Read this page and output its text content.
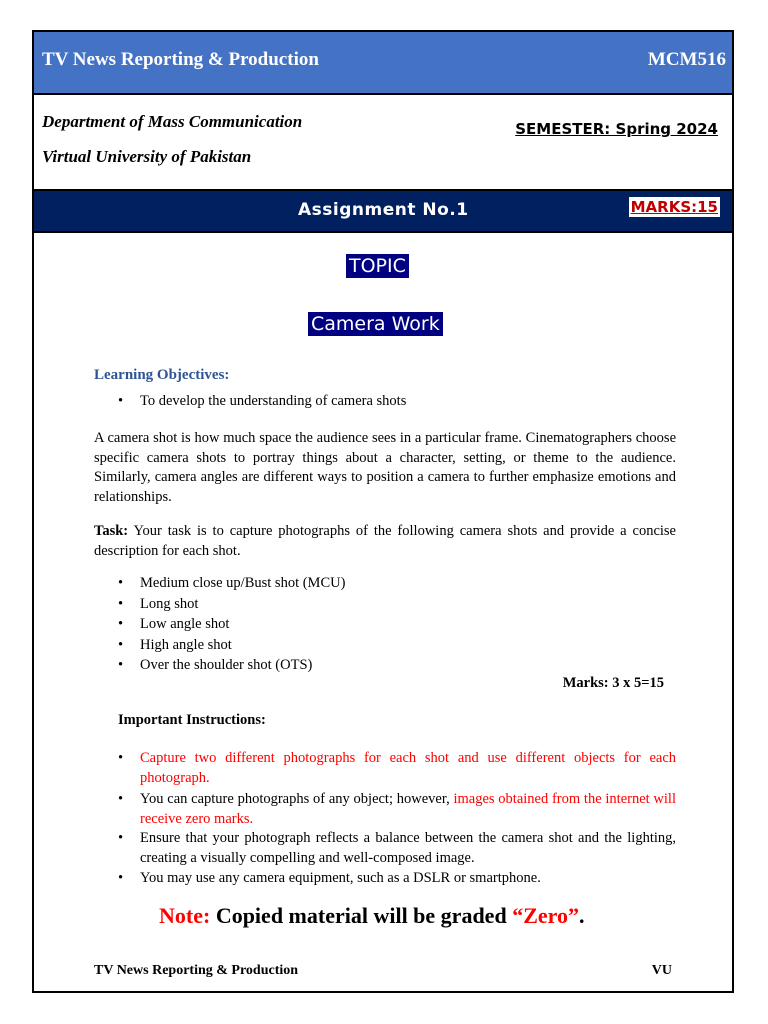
TV News Reporting & Production	MCM516
Department of Mass Communication
Virtual University of Pakistan
SEMESTER: Spring 2024
Assignment No.1	MARKS:15
TOPIC
Camera Work
Learning Objectives:
• To develop the understanding of camera shots
A camera shot is how much space the audience sees in a particular frame. Cinematographers choose specific camera shots to portray things about a character, setting, or theme to the audience. Similarly, camera angles are different ways to position a camera to further emphasize emotions and relationships.
Task: Your task is to capture photographs of the following camera shots and provide a concise description for each shot.
• Medium close up/Bust shot (MCU)
• Long shot
• Low angle shot
• High angle shot
• Over the shoulder shot (OTS)
Marks: 3 x 5=15
Important Instructions:
• Capture two different photographs for each shot and use different objects for each photograph.
• You can capture photographs of any object; however, images obtained from the internet will receive zero marks.
• Ensure that your photograph reflects a balance between the camera shot and the lighting, creating a visually compelling and well-composed image.
• You may use any camera equipment, such as a DSLR or smartphone.
Note: Copied material will be graded “Zero”.
TV News Reporting & Production	VU
